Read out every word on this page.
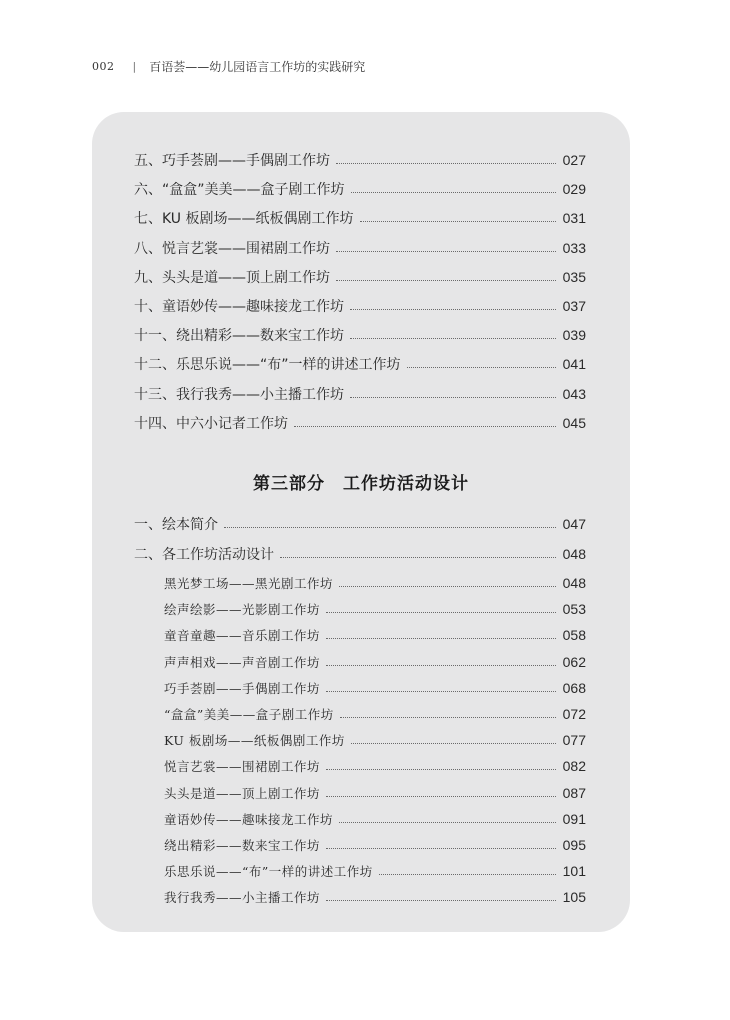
002 | 百语荟——幼儿园语言工作坊的实践研究
五、巧手荟剧——手偶剧工作坊	027
六、“盒盒”美美——盒子剧工作坊	029
七、KU 板剧场——纸板偶剧工作坊	031
八、悦言艺裳——围裙剧工作坊	033
九、头头是道——顶上剧工作坊	035
十、童语妙传——趣味接龙工作坊	037
十一、绕出精彩——数来宝工作坊	039
十二、乐思乐说——“布”一样的讲述工作坊	041
十三、我行我秀——小主播工作坊	043
十四、中六小记者工作坊	045
第三部分　工作坊活动设计
一、绘本简介	047
二、各工作坊活动设计	048
黑光梦工场——黑光剧工作坊	048
绘声绘影——光影剧工作坊	053
童音童趣——音乐剧工作坊	058
声声相戏——声音剧工作坊	062
巧手荟剧——手偶剧工作坊	068
“盒盒”美美——盒子剧工作坊	072
KU 板剧场——纸板偶剧工作坊	077
悦言艺裳——围裙剧工作坊	082
头头是道——顶上剧工作坊	087
童语妙传——趣味接龙工作坊	091
绕出精彩——数来宝工作坊	095
乐思乐说——“布”一样的讲述工作坊	101
我行我秀——小主播工作坊	105
